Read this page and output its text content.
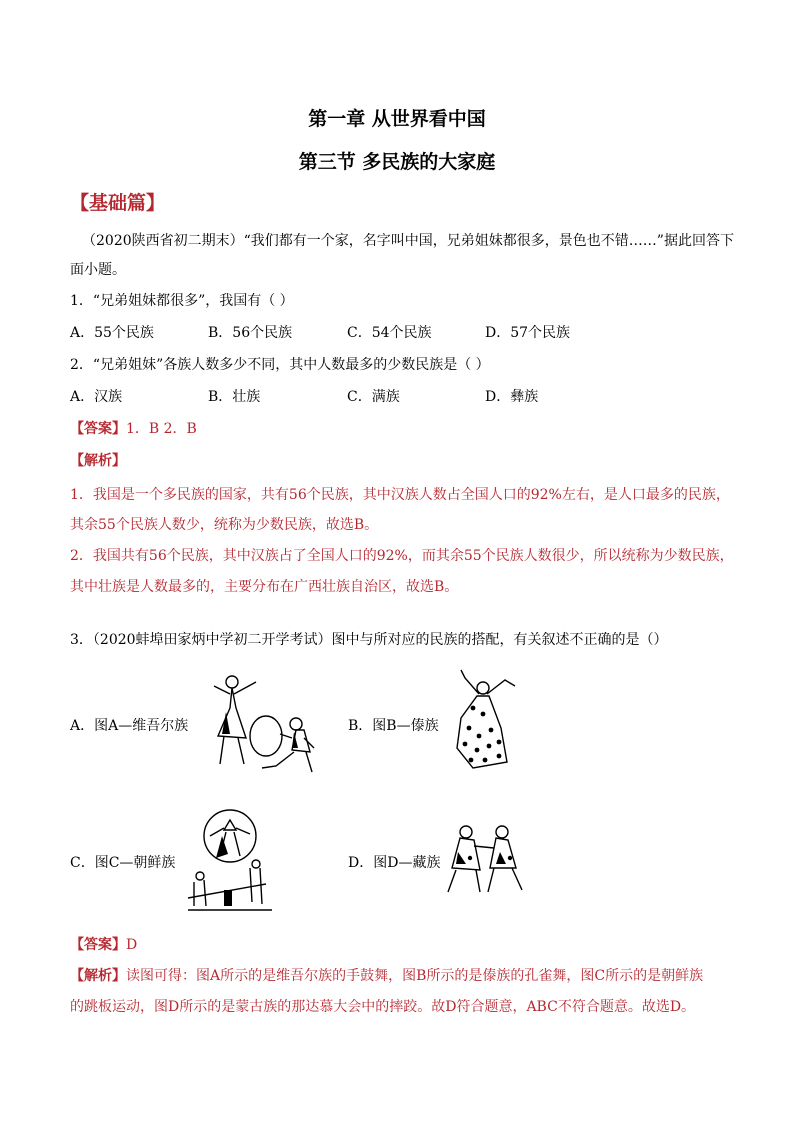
第一章 从世界看中国
第三节 多民族的大家庭
【基础篇】
（2020陕西省初二期末）“我们都有一个家，名字叫中国，兄弟姐妹都很多，景色也不错……”据此回答下
面小题。
1．“兄弟姐妹都很多”，我国有（ ）
A．55个民族	B．56个民族	C．54个民族	D．57个民族
2．“兄弟姐妹”各族人数多少不同，其中人数最多的少数民族是（ ）
A．汉族	B．壮族	C．满族	D．彝族
【答案】1．B 2．B
【解析】
1．我国是一个多民族的国家，共有56个民族，其中汉族人数占全国人口的92%左右，是人口最多的民族，
其余55个民族人数少，统称为少数民族，故选B。
2．我国共有56个民族，其中汉族占了全国人口的92%，而其余55个民族人数很少，所以统称为少数民族，
其中壮族是人数最多的，主要分布在广西壮族自治区，故选B。
3．（2020蚌埠田家炳中学初二开学考试）图中与所对应的民族的搭配，有关叙述不正确的是（）
A．图A—维吾尔族	B．图B—傣族
C．图C—朝鲜族	D．图D—藏族
【答案】D
【解析】读图可得：图A所示的是维吾尔族的手鼓舞，图B所示的是傣族的孔雀舞，图C所示的是朝鲜族
的跳板运动，图D所示的是蒙古族的那达慕大会中的摔跤。故D符合题意，ABC不符合题意。故选D。
